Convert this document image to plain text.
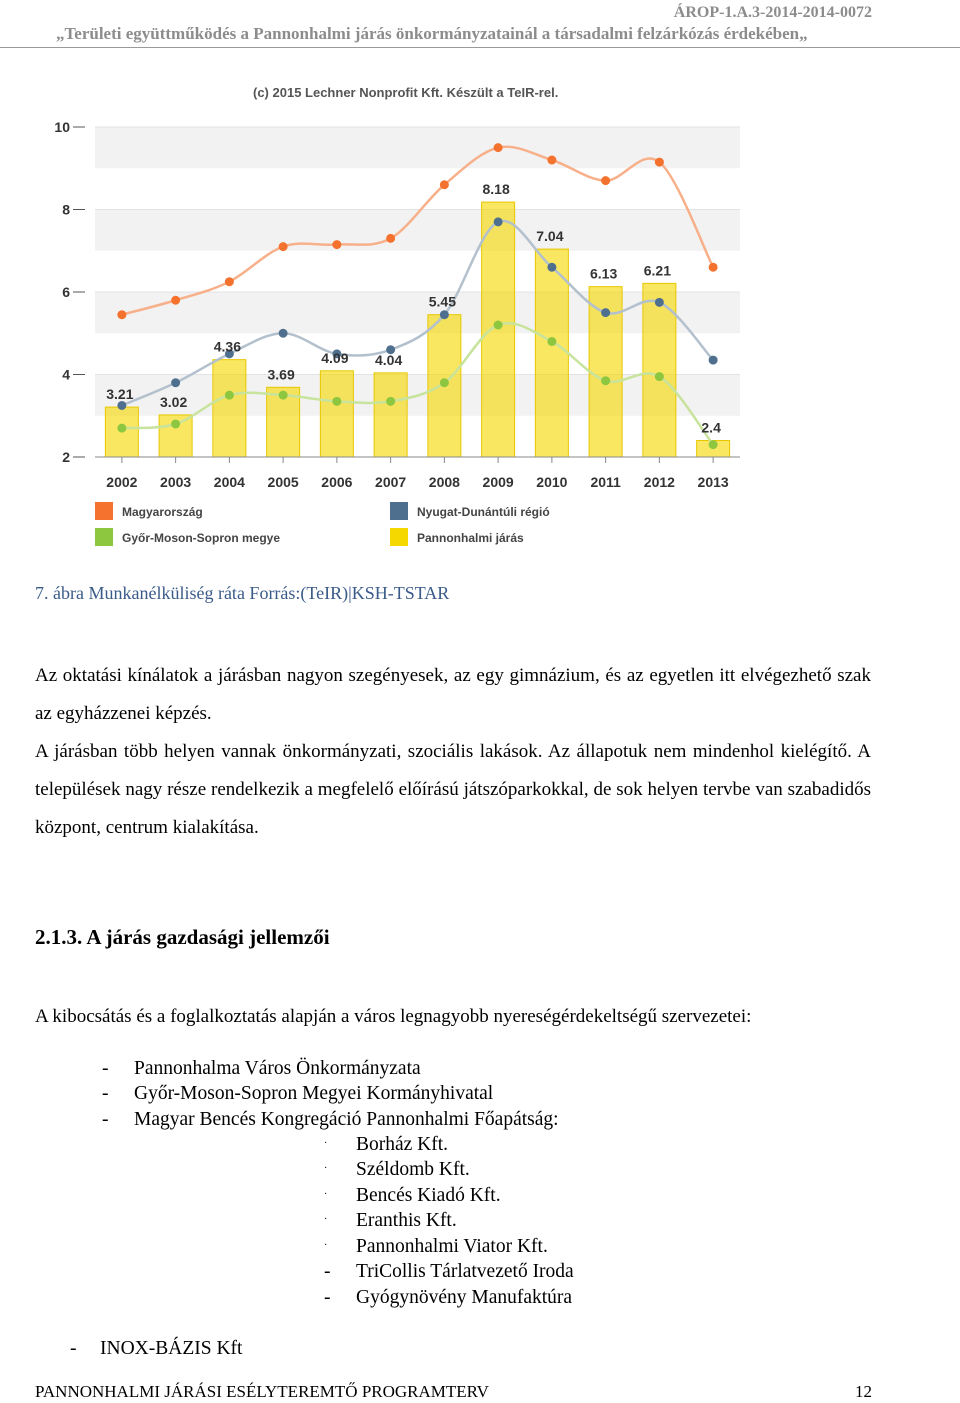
ÁROP-1.A.3-2014-2014-0072
„Területi együttműködés a Pannonhalmi járás önkormányzatainál a társadalmi felzárkózás érdekében„
(c) 2015 Lechner Nonprofit Kft. Készült a TeIR-rel.
3.21 3.02
4.36
3.69
4.09 4.04
5.45
8.18
7.04
6.13 6.21
2.4
2
4
6
8
10
2002 2003 2004 2005 2006 2007 2008 2009 2010 2011 2012 2013
Magyarország	Nyugat-Dunántúli régió
Győr-Moson-Sopron megye	Pannonhalmi járás
7. ábra Munkanélküliség ráta Forrás:(TeIR)|KSH-TSTAR
Az oktatási kínálatok a járásban nagyon szegényesek, az egy gimnázium, és az egyetlen itt elvégezhető szak az egyházzenei képzés.
A járásban több helyen vannak önkormányzati, szociális lakások. Az állapotuk nem mindenhol kielégítő. A települések nagy része rendelkezik a megfelelő előírású játszóparkokkal, de sok helyen tervbe van szabadidős központ, centrum kialakítása.
2.1.3. A járás gazdasági jellemzői
A kibocsátás és a foglalkoztatás alapján a város legnagyobb nyereségérdekeltségű szervezetei:
- Pannonhalma Város Önkormányzata
- Győr-Moson-Sopron Megyei Kormányhivatal
- Magyar Bencés Kongregáció Pannonhalmi Főapátság:
· Borház Kft.
· Széldomb Kft.
· Bencés Kiadó Kft.
· Eranthis Kft.
· Pannonhalmi Viator Kft.
- TriCollis Tárlatvezető Iroda
- Gyógynövény Manufaktúra
- INOX-BÁZIS Kft
PANNONHALMI JÁRÁSI ESÉLYTEREMTŐ PROGRAMTERV	12
